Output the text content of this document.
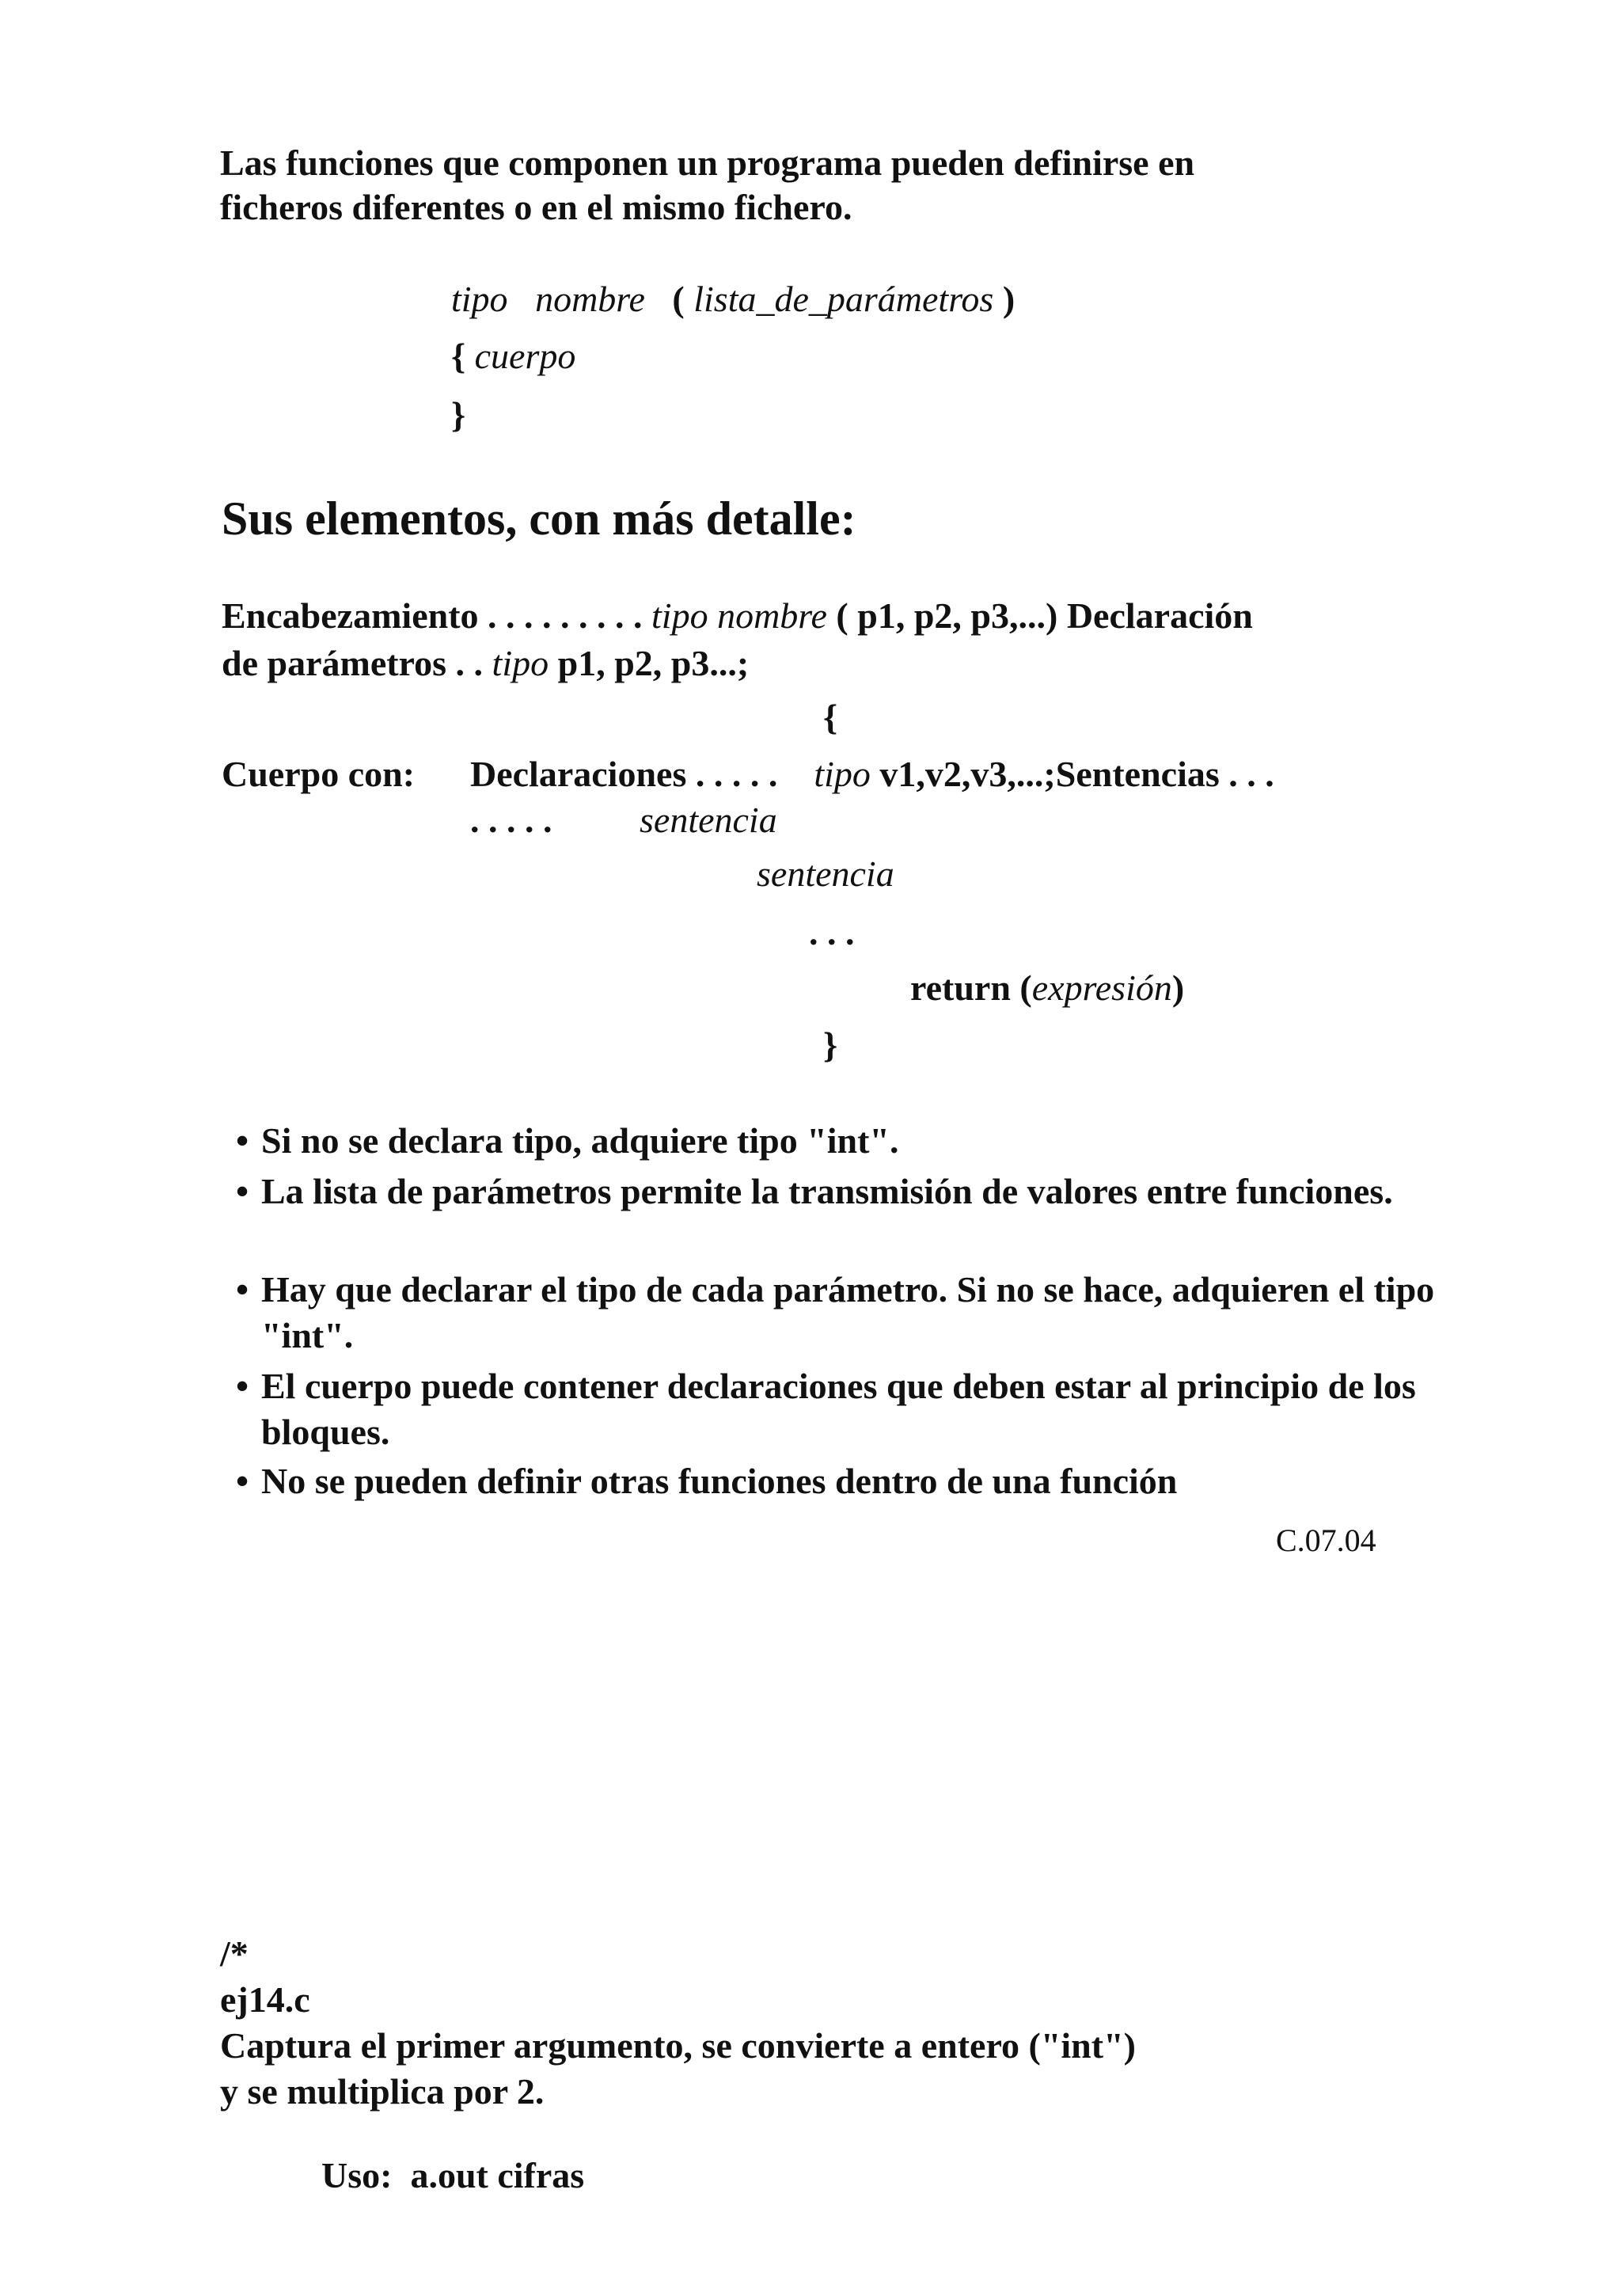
Las funciones que componen un programa pueden definirse en
ficheros diferentes o en el mismo fichero.
tipo nombre ( lista_de_parámetros )
{ cuerpo
}
Sus elementos, con más detalle:
Encabezamiento . . . . . . . . . tipo nombre ( p1, p2, p3,...) Declaración
de parámetros . . tipo p1, p2, p3...;
{
Cuerpo con: Declaraciones . . . . . tipo v1,v2,v3,...;Sentencias . . .
. . . . . sentencia
sentencia
. . .
return (expresión)
}
• Si no se declara tipo, adquiere tipo "int".
• La lista de parámetros permite la transmisión de valores entre funciones.
• Hay que declarar el tipo de cada parámetro. Si no se hace, adquieren el tipo "int".
• El cuerpo puede contener declaraciones que deben estar al principio de los bloques.
• No se pueden definir otras funciones dentro de una función
C.07.04
/*
ej14.c
Captura el primer argumento, se convierte a entero ("int")
y se multiplica por 2.
Uso: a.out cifras
